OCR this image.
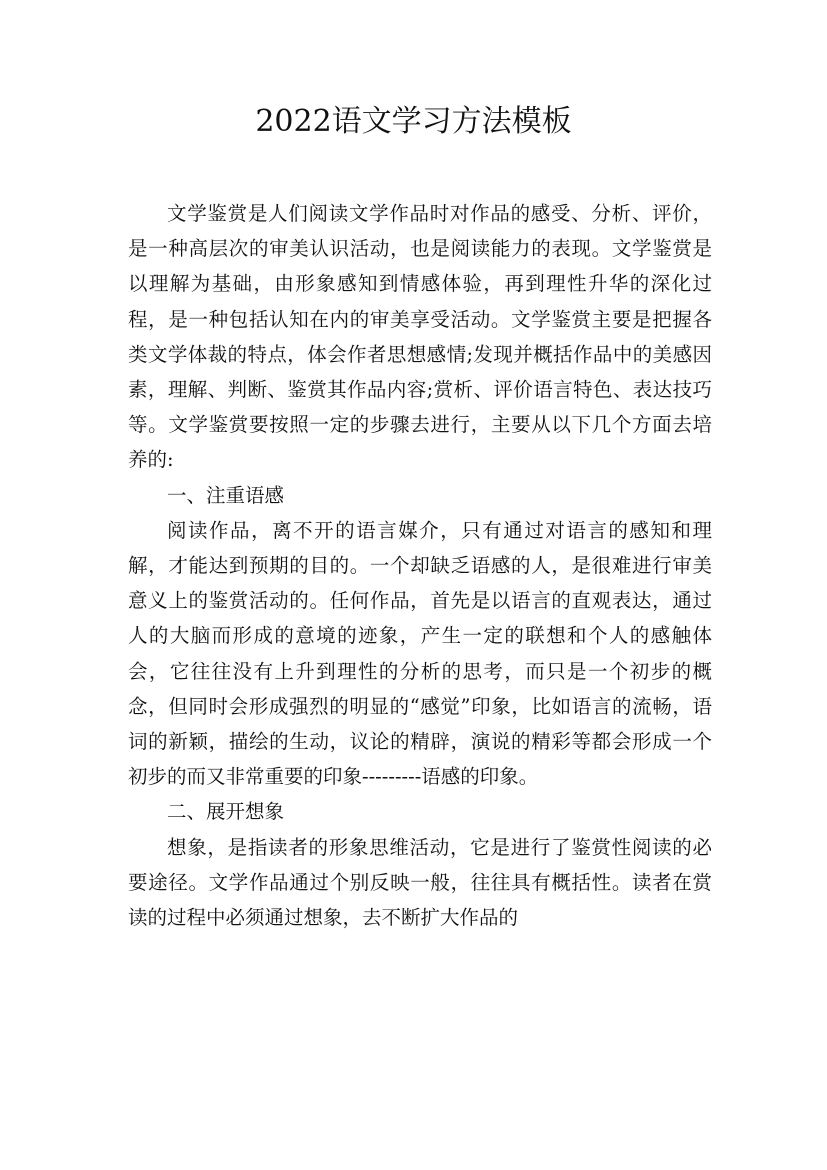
2022语文学习方法模板

文学鉴赏是人们阅读文学作品时对作品的感受、分析、评价，是一种高层次的审美认识活动，也是阅读能力的表现。文学鉴赏是以理解为基础，由形象感知到情感体验，再到理性升华的深化过程，是一种包括认知在内的审美享受活动。文学鉴赏主要是把握各类文学体裁的特点，体会作者思想感情;发现并概括作品中的美感因素，理解、判断、鉴赏其作品内容;赏析、评价语言特色、表达技巧等。文学鉴赏要按照一定的步骤去进行，主要从以下几个方面去培养的:

一、注重语感

阅读作品，离不开的语言媒介，只有通过对语言的感知和理解，才能达到预期的目的。一个却缺乏语感的人，是很难进行审美意义上的鉴赏活动的。任何作品，首先是以语言的直观表达，通过人的大脑而形成的意境的迹象，产生一定的联想和个人的感触体会，它往往没有上升到理性的分析的思考，而只是一个初步的概念，但同时会形成强烈的明显的“感觉”印象，比如语言的流畅，语词的新颖，描绘的生动，议论的精辟，演说的精彩等都会形成一个初步的而又非常重要的印象---------语感的印象。

二、展开想象

想象，是指读者的形象思维活动，它是进行了鉴赏性阅读的必要途径。文学作品通过个别反映一般，往往具有概括性。读者在赏读的过程中必须通过想象，去不断扩大作品的
